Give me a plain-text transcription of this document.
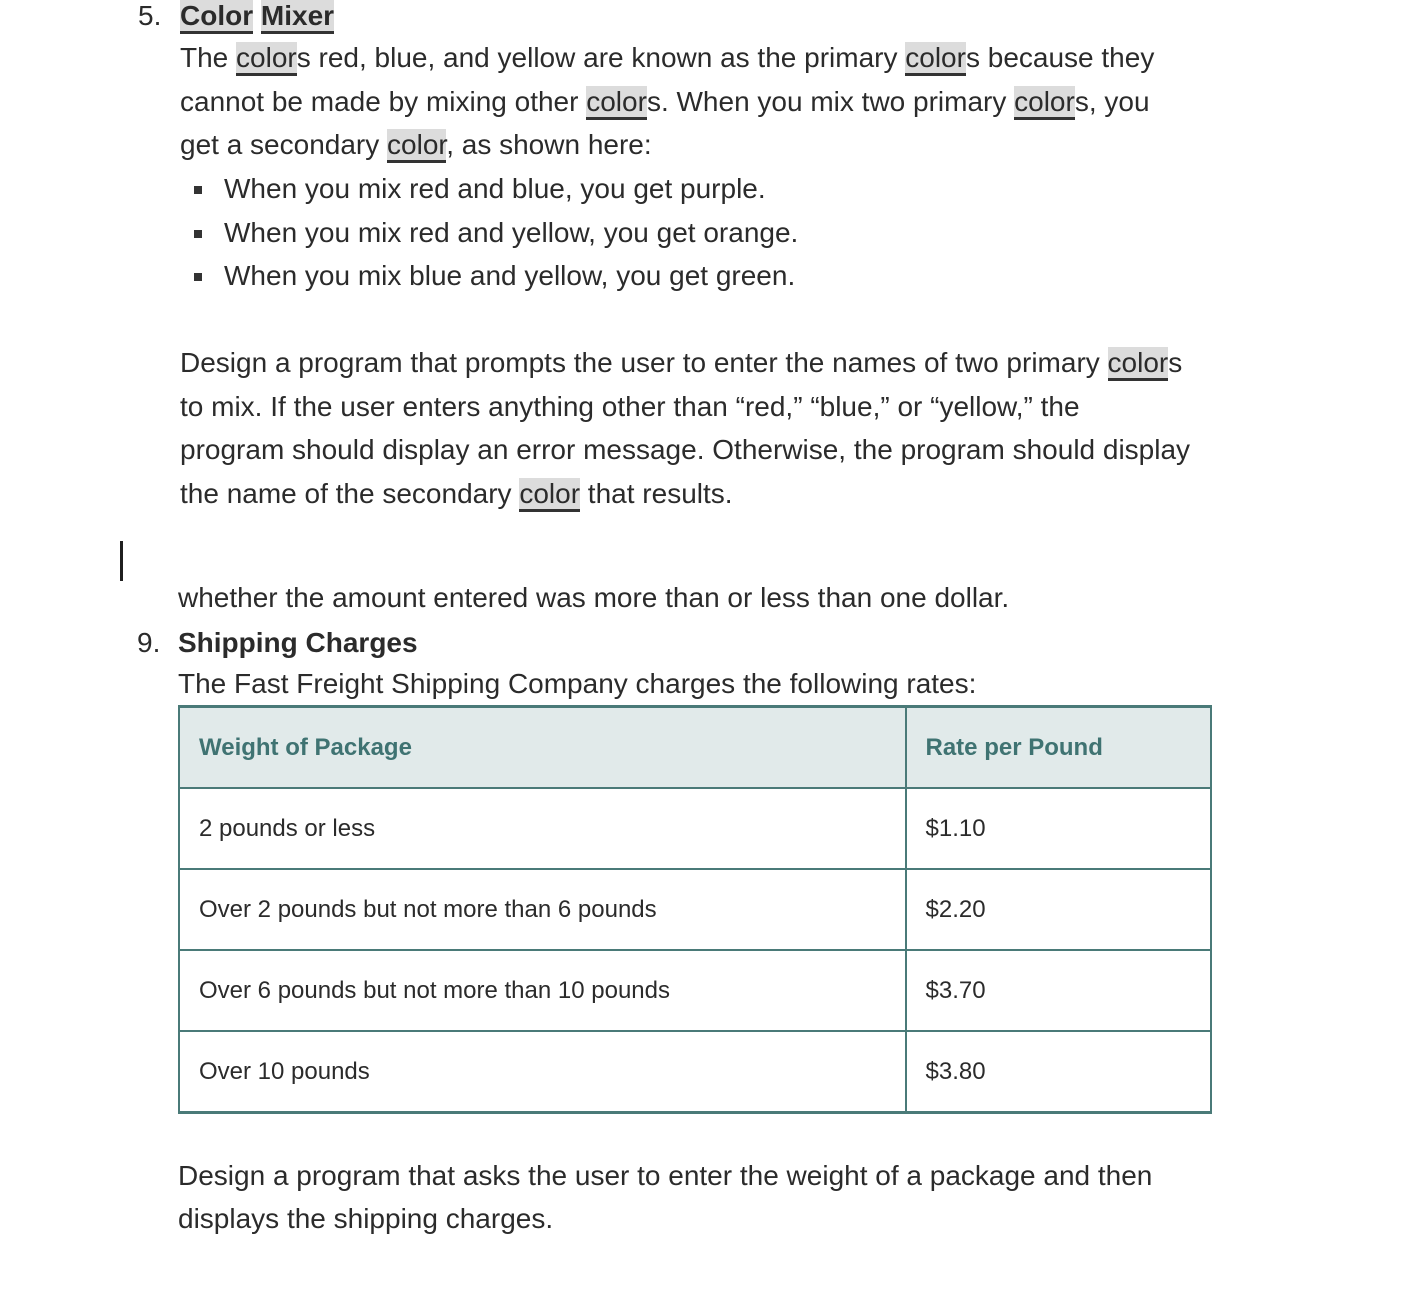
5. Color Mixer
The colors red, blue, and yellow are known as the primary colors because they
cannot be made by mixing other colors. When you mix two primary colors, you
get a secondary color, as shown here:
When you mix red and blue, you get purple.
When you mix red and yellow, you get orange.
When you mix blue and yellow, you get green.
Design a program that prompts the user to enter the names of two primary colors
to mix. If the user enters anything other than “red,” “blue,” or “yellow,” the
program should display an error message. Otherwise, the program should display
the name of the secondary color that results.
whether the amount entered was more than or less than one dollar.
9. Shipping Charges
The Fast Freight Shipping Company charges the following rates:
Weight of Package	Rate per Pound
2 pounds or less	$1.10
Over 2 pounds but not more than 6 pounds	$2.20
Over 6 pounds but not more than 10 pounds	$3.70
Over 10 pounds	$3.80
Design a program that asks the user to enter the weight of a package and then
displays the shipping charges.
